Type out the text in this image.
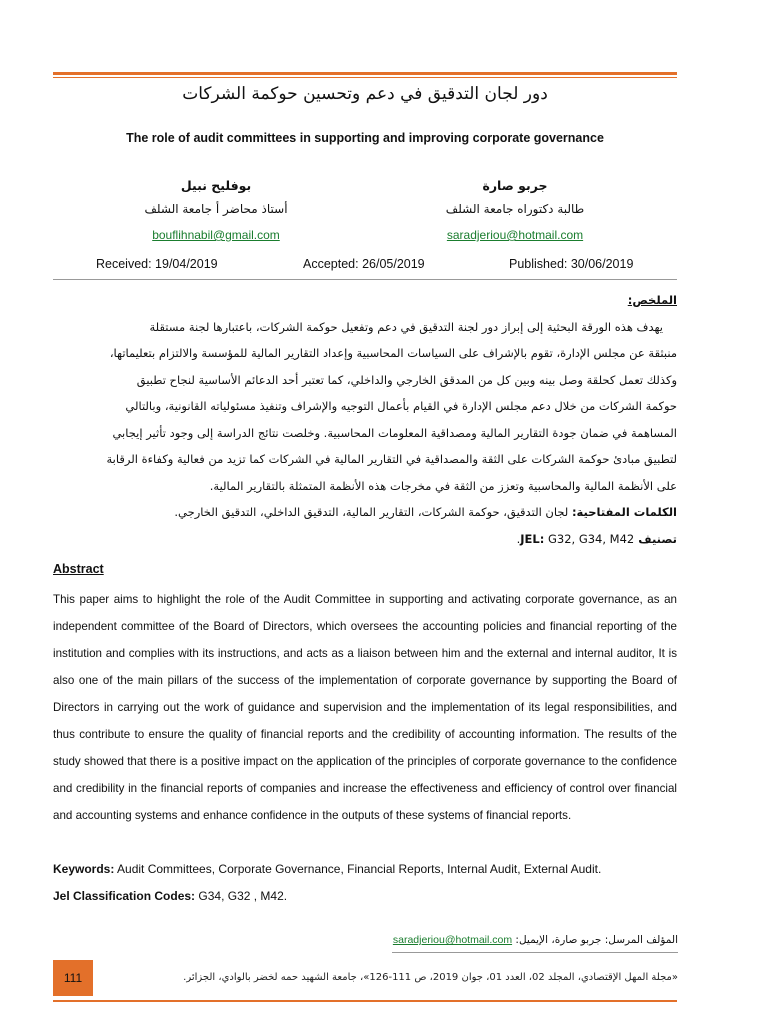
دور لجان التدقيق في دعم وتحسين حوكمة الشركات
The role of audit committees in supporting and improving corporate governance
جربو صارة
طالبة دكتوراه جامعة الشلف
saradjeriou@hotmail.com
بوفليح نبيل
أستاذ محاضر أ جامعة الشلف
bouflihnabil@gmail.com
Received: 19/04/2019	Accepted: 26/05/2019	Published: 30/06/2019
الملخص:
يهدف هذه الورقة البحثية إلى إبراز دور لجنة التدقيق في دعم وتفعيل حوكمة الشركات، باعتبارها لجنة مستقلة
منبثقة عن مجلس الإدارة، تقوم بالإشراف على السياسات المحاسبية وإعداد التقارير المالية للمؤسسة والالتزام بتعليماتها،
وكذلك تعمل كحلقة وصل بينه وبين كل من المدقق الخارجي والداخلي، كما تعتبر أحد الدعائم الأساسية لنجاح تطبيق
حوكمة الشركات من خلال دعم مجلس الإدارة في القيام بأعمال التوجيه والإشراف وتنفيذ مسئولياته القانونية، وبالتالي
المساهمة في ضمان جودة التقارير المالية ومصداقية المعلومات المحاسبية. وخلصت نتائج الدراسة إلى وجود تأثير إيجابي
لتطبيق مبادئ حوكمة الشركات على الثقة والمصداقية في التقارير المالية في الشركات كما تزيد من فعالية وكفاءة الرقابة
على الأنظمة المالية والمحاسبية وتعزز من الثقة في مخرجات هذه الأنظمة المتمثلة بالتقارير المالية.
الكلمات المفتاحية: لجان التدقيق، حوكمة الشركات، التقارير المالية، التدقيق الداخلي، التدقيق الخارجي.
تصنيف JEL: G32, G34, M42.
Abstract
This paper aims to highlight the role of the Audit Committee in supporting and activating corporate governance, as an independent committee of the Board of Directors, which oversees the accounting policies and financial reporting of the institution and complies with its instructions, and acts as a liaison between him and the external and internal auditor, It is also one of the main pillars of the success of the implementation of corporate governance by supporting the Board of Directors in carrying out the work of guidance and supervision and the implementation of its legal responsibilities, and thus contribute to ensure the quality of financial reports and the credibility of accounting information. The results of the study showed that there is a positive impact on the application of the principles of corporate governance to the confidence and credibility in the financial reports of companies and increase the effectiveness and efficiency of control over financial and accounting systems and enhance confidence in the outputs of these systems of financial reports.
Keywords: Audit Committees, Corporate Governance, Financial Reports, Internal Audit, External Audit.
Jel Classification Codes: G34, G32 , M42.
المؤلف المرسل: جربو صارة، الإيميل: saradjeriou@hotmail.com
111	«مجلة المهل الإقتصادي، المجلد 02، العدد 01، جوان 2019، ص 111-126»، جامعة الشهيد حمه لخضر بالوادي، الجزائر.
